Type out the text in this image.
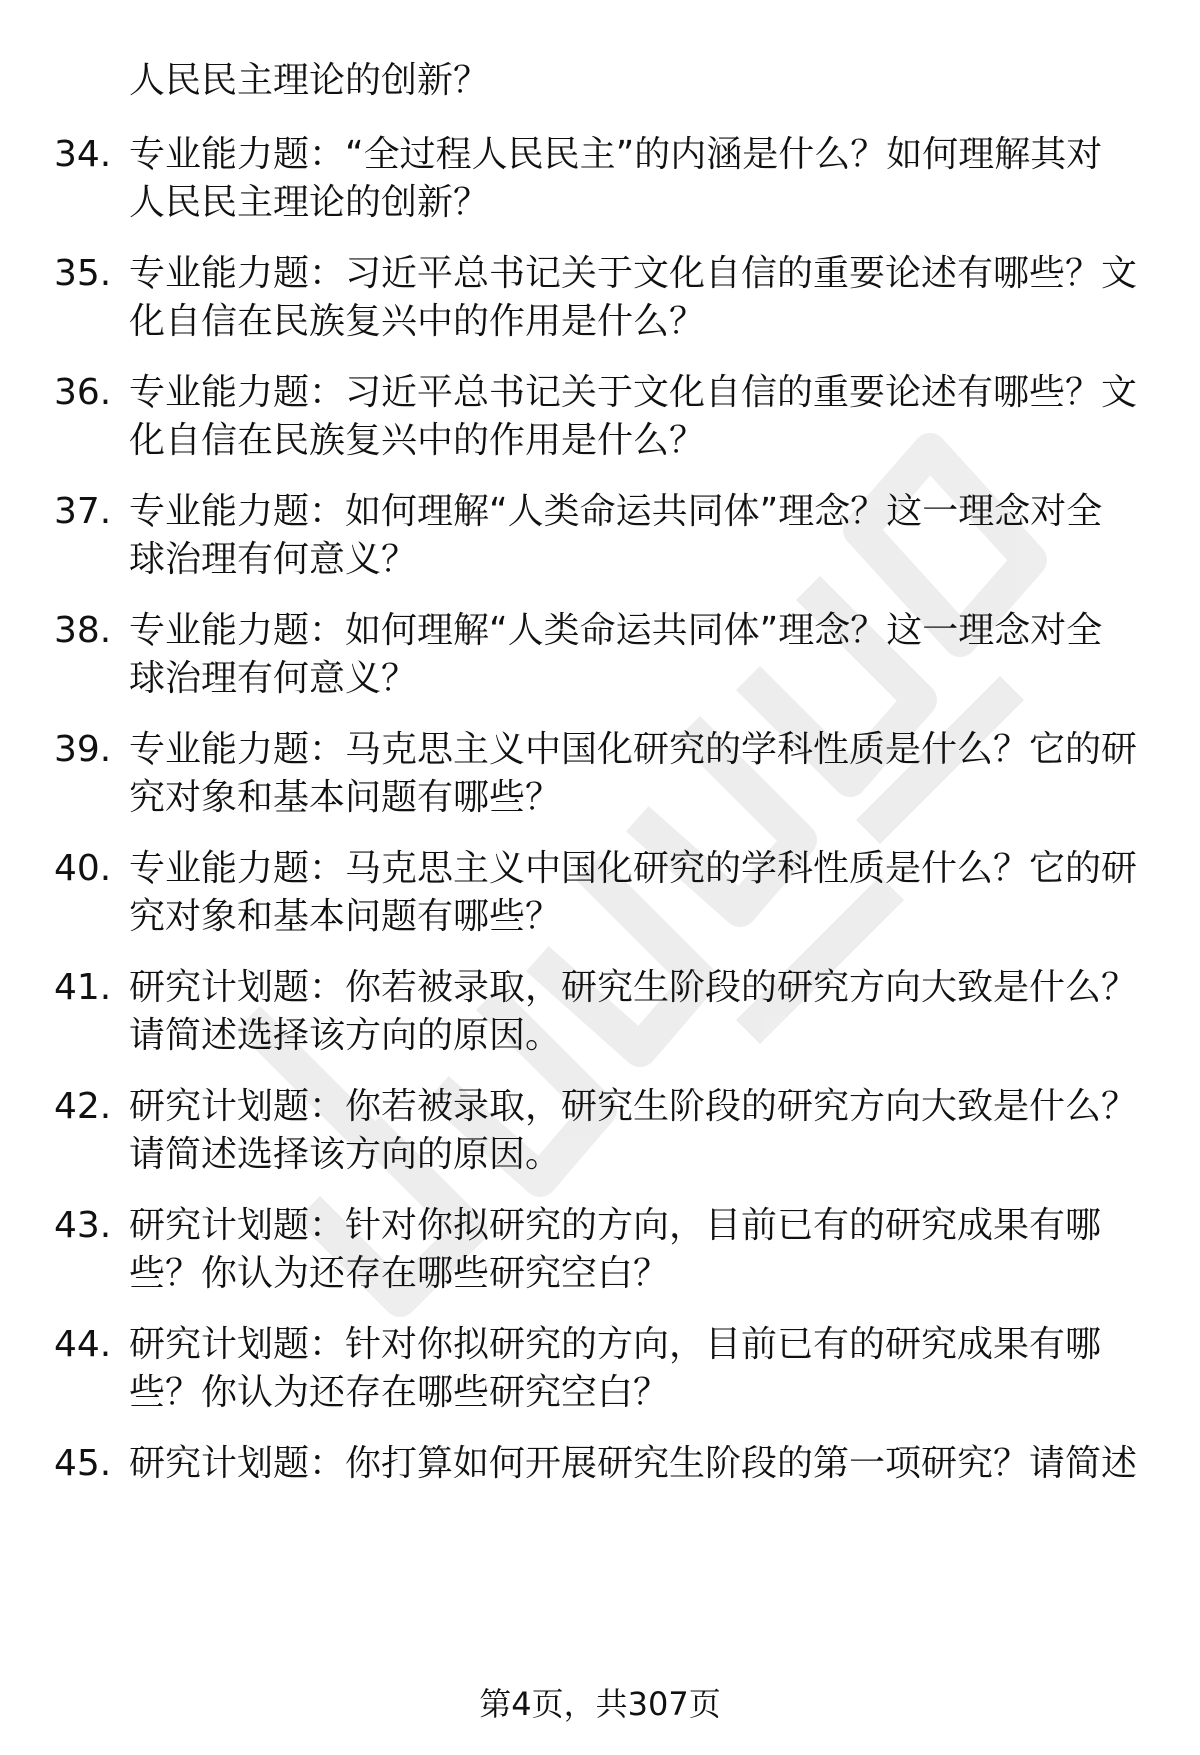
人民民主理论的创新？
34. 专业能力题：“全过程人民民主”的内涵是什么？如何理解其对
人民民主理论的创新？
35. 专业能力题：习近平总书记关于文化自信的重要论述有哪些？文
化自信在民族复兴中的作用是什么？
36. 专业能力题：习近平总书记关于文化自信的重要论述有哪些？文
化自信在民族复兴中的作用是什么？
37. 专业能力题：如何理解“人类命运共同体”理念？这一理念对全
球治理有何意义？
38. 专业能力题：如何理解“人类命运共同体”理念？这一理念对全
球治理有何意义？
39. 专业能力题：马克思主义中国化研究的学科性质是什么？它的研
究对象和基本问题有哪些？
40. 专业能力题：马克思主义中国化研究的学科性质是什么？它的研
究对象和基本问题有哪些？
41. 研究计划题：你若被录取，研究生阶段的研究方向大致是什么？
请简述选择该方向的原因。
42. 研究计划题：你若被录取，研究生阶段的研究方向大致是什么？
请简述选择该方向的原因。
43. 研究计划题：针对你拟研究的方向，目前已有的研究成果有哪
些？你认为还存在哪些研究空白？
44. 研究计划题：针对你拟研究的方向，目前已有的研究成果有哪
些？你认为还存在哪些研究空白？
45. 研究计划题：你打算如何开展研究生阶段的第一项研究？请简述
第4页，共307页
